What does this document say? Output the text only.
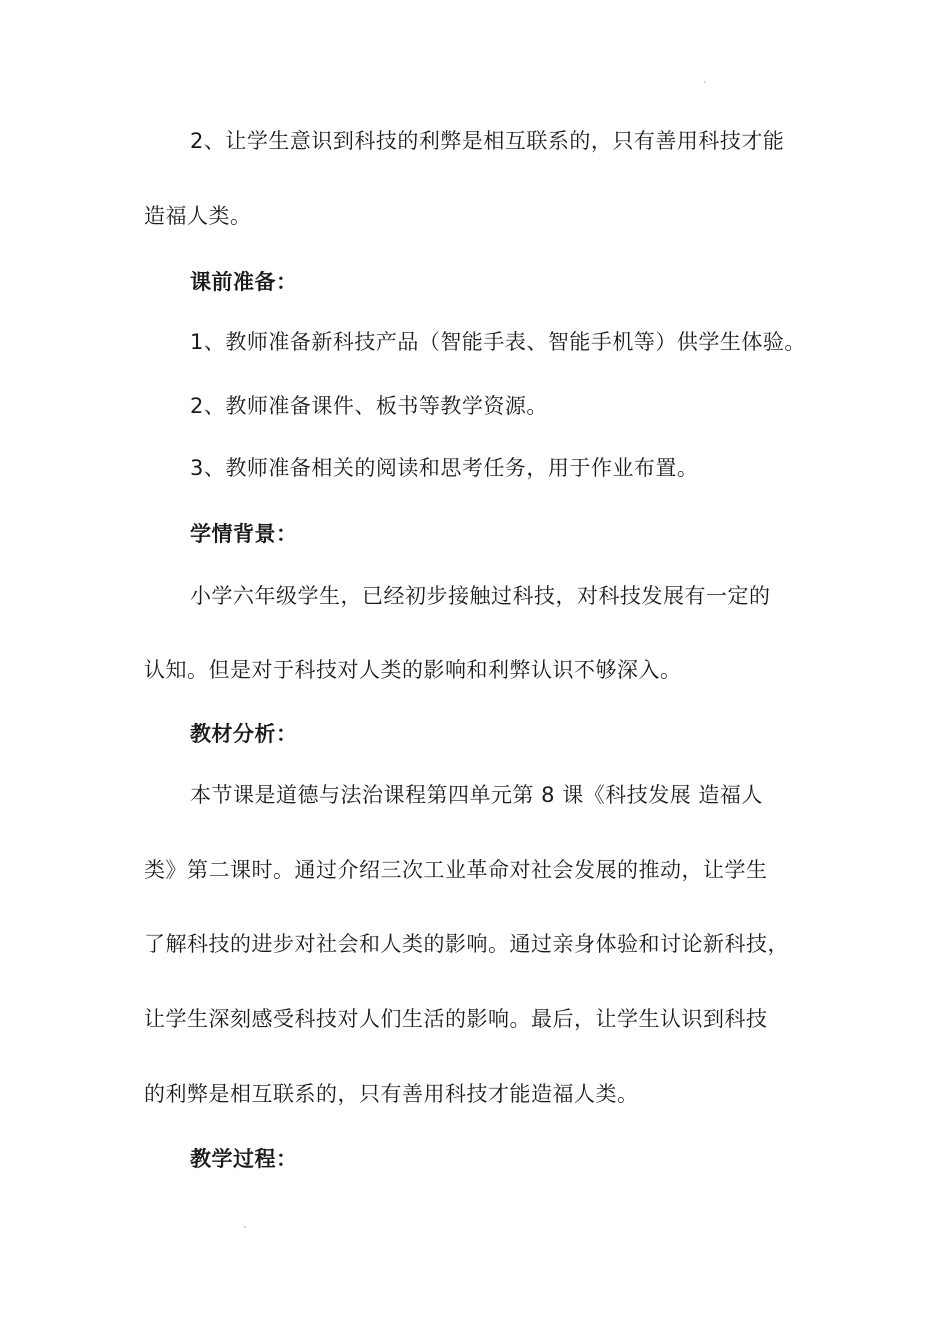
2、让学生意识到科技的利弊是相互联系的，只有善用科技才能
造福人类。
课前准备：
1、教师准备新科技产品（智能手表、智能手机等）供学生体验。
2、教师准备课件、板书等教学资源。
3、教师准备相关的阅读和思考任务，用于作业布置。
学情背景：
小学六年级学生，已经初步接触过科技，对科技发展有一定的
认知。但是对于科技对人类的影响和利弊认识不够深入。
教材分析：
本节课是道德与法治课程第四单元第 8 课《科技发展 造福人
类》第二课时。通过介绍三次工业革命对社会发展的推动，让学生
了解科技的进步对社会和人类的影响。通过亲身体验和讨论新科技，
让学生深刻感受科技对人们生活的影响。最后，让学生认识到科技
的利弊是相互联系的，只有善用科技才能造福人类。
教学过程：
